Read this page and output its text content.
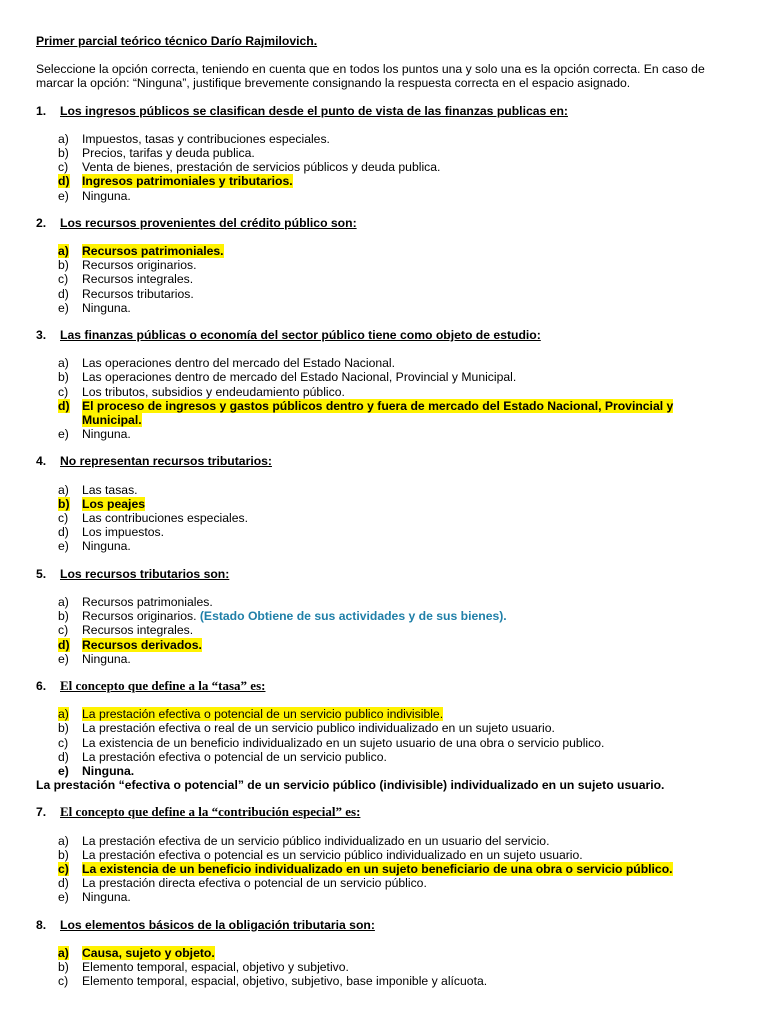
Primer parcial teórico técnico Darío Rajmilovich.
Seleccione la opción correcta, teniendo en cuenta que en todos los puntos una y solo una es la opción correcta. En caso de marcar la opción: “Ninguna”, justifique brevemente consignando la respuesta correcta en el espacio asignado.
1.	Los ingresos públicos se clasifican desde el punto de vista de las finanzas publicas en:
a)	Impuestos, tasas y contribuciones especiales.
b)	Precios, tarifas y deuda publica.
c)	Venta de bienes, prestación de servicios públicos y deuda publica.
d)	Ingresos patrimoniales y tributarios.
e)	Ninguna.
2.	Los recursos provenientes del crédito público son:
a)	Recursos patrimoniales.
b)	Recursos originarios.
c)	Recursos integrales.
d)	Recursos tributarios.
e)	Ninguna.
3.	Las finanzas públicas o economía del sector público tiene como objeto de estudio:
a)	Las operaciones dentro del mercado del Estado Nacional.
b)	Las operaciones dentro de mercado del Estado Nacional, Provincial y Municipal.
c)	Los tributos, subsidios y endeudamiento público.
d)	El proceso de ingresos y gastos públicos dentro y fuera de mercado del Estado Nacional, Provincial y Municipal.
e)	Ninguna.
4.	No representan recursos tributarios:
a)	Las tasas.
b)	Los peajes
c)	Las contribuciones especiales.
d)	Los impuestos.
e)	Ninguna.
5.	Los recursos tributarios son:
a)	Recursos patrimoniales.
b)	Recursos originarios. (Estado Obtiene de sus actividades y de sus bienes).
c)	Recursos integrales.
d)	Recursos derivados.
e)	Ninguna.
6.	El concepto que define a la “tasa” es:
a)	La prestación efectiva o potencial de un servicio publico indivisible.
b)	La prestación efectiva o real de un servicio publico individualizado en un sujeto usuario.
c)	La existencia de un beneficio individualizado en un sujeto usuario de una obra o servicio publico.
d)	La prestación efectiva o potencial de un servicio publico.
e)	Ninguna.
La prestación “efectiva o potencial” de un servicio público (indivisible) individualizado en un sujeto usuario.
7.	El concepto que define a la “contribución especial” es:
a)	La prestación efectiva de un servicio público individualizado en un usuario del servicio.
b)	La prestación efectiva o potencial es un servicio público individualizado en un sujeto usuario.
c)	La existencia de un beneficio individualizado en un sujeto beneficiario de una obra o servicio público.
d)	La prestación directa efectiva o potencial de un servicio público.
e)	Ninguna.
8.	Los elementos básicos de la obligación tributaria son:
a)	Causa, sujeto y objeto.
b)	Elemento temporal, espacial, objetivo y subjetivo.
c)	Elemento temporal, espacial, objetivo, subjetivo, base imponible y alícuota.
